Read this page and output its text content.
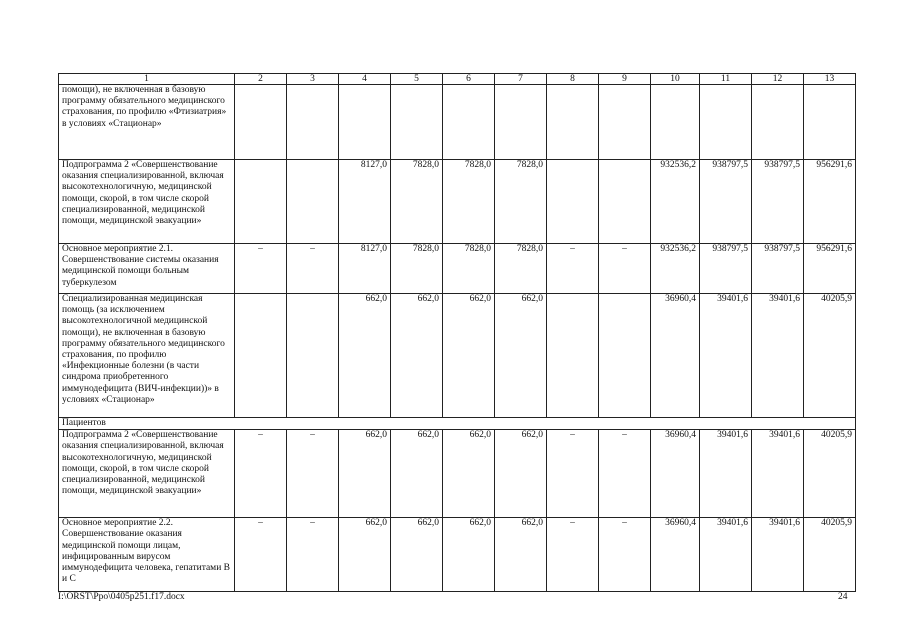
1	2	3	4	5	6	7	8	9	10	11	12	13
помощи), не включенная в базовую программу обязательного медицинского страхования, по профилю «Фтизиатрия» в условиях «Стационар»												
Подпрограмма 2 «Совершенствование оказания специализированной, включая высокотехнологичную, медицинской помощи, скорой, в том числе скорой специализированной, медицинской помощи, медицинской эвакуации»			8127,0	7828,0	7828,0	7828,0			932536,2	938797,5	938797,5	956291,6
Основное мероприятие 2.1. Совершенствование системы оказания медицинской помощи больным туберкулезом	–	–	8127,0	7828,0	7828,0	7828,0	–	–	932536,2	938797,5	938797,5	956291,6
Специализированная медицинская помощь (за исключением высокотехнологичной медицинской помощи), не включенная в базовую программу обязательного медицинского страхования, по профилю «Инфекционные болезни (в части синдрома приобретенного иммунодефицита (ВИЧ-инфекции))» в условиях «Стационар»			662,0	662,0	662,0	662,0			36960,4	39401,6	39401,6	40205,9
Пациентов												
Подпрограмма 2 «Совершенствование оказания специализированной, включая высокотехнологичную, медицинской помощи, скорой, в том числе скорой специализированной, медицинской помощи, медицинской эвакуации»	–	–	662,0	662,0	662,0	662,0	–	–	36960,4	39401,6	39401,6	40205,9
Основное мероприятие 2.2. Совершенствование оказания медицинской помощи лицам, инфицированным вирусом иммунодефицита человека, гепатитами B и C	–	–	662,0	662,0	662,0	662,0	–	–	36960,4	39401,6	39401,6	40205,9
I:\ORST\Ppo\0405p251.f17.docx	24
